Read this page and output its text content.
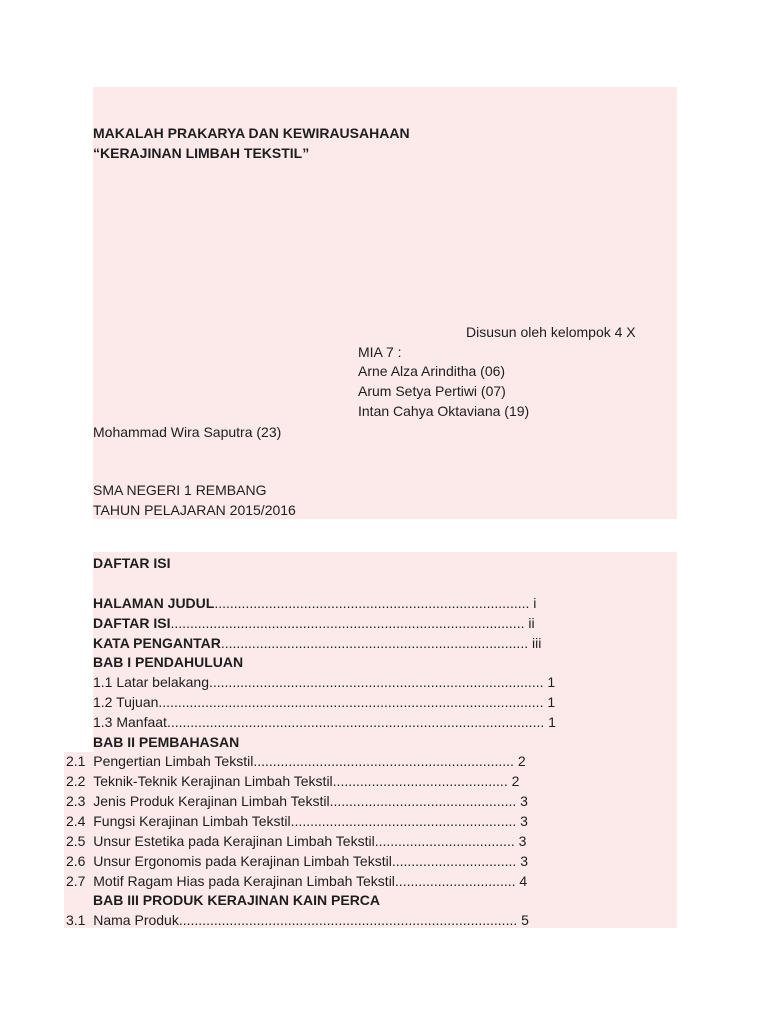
MAKALAH PRAKARYA DAN KEWIRAUSAHAAN
“KERAJINAN LIMBAH TEKSTIL”
Disusun oleh kelompok 4 X
MIA 7 :
Arne Alza Arinditha (06)
Arum Setya Pertiwi (07)
Intan Cahya Oktaviana (19)
Mohammad Wira Saputra (23)
SMA NEGERI 1 REMBANG
TAHUN PELAJARAN 2015/2016
DAFTAR ISI
HALAMAN JUDUL................................................................................. i
DAFTAR ISI........................................................................................... ii
KATA PENGANTAR............................................................................... iii
BAB I PENDAHULUAN
1.1 Latar belakang...................................................................................... 1
1.2 Tujuan................................................................................................... 1
1.3 Manfaat................................................................................................. 1
BAB II PEMBAHASAN
2.1 Pengertian Limbah Tekstil................................................................... 2
2.2 Teknik-Teknik Kerajinan Limbah Tekstil............................................. 2
2.3 Jenis Produk Kerajinan Limbah Tekstil................................................ 3
2.4 Fungsi Kerajinan Limbah Tekstil.......................................................... 3
2.5 Unsur Estetika pada Kerajinan Limbah Tekstil.................................... 3
2.6 Unsur Ergonomis pada Kerajinan Limbah Tekstil................................ 3
2.7 Motif Ragam Hias pada Kerajinan Limbah Tekstil............................... 4
BAB III PRODUK KERAJINAN KAIN PERCA
3.1 Nama Produk....................................................................................... 5
